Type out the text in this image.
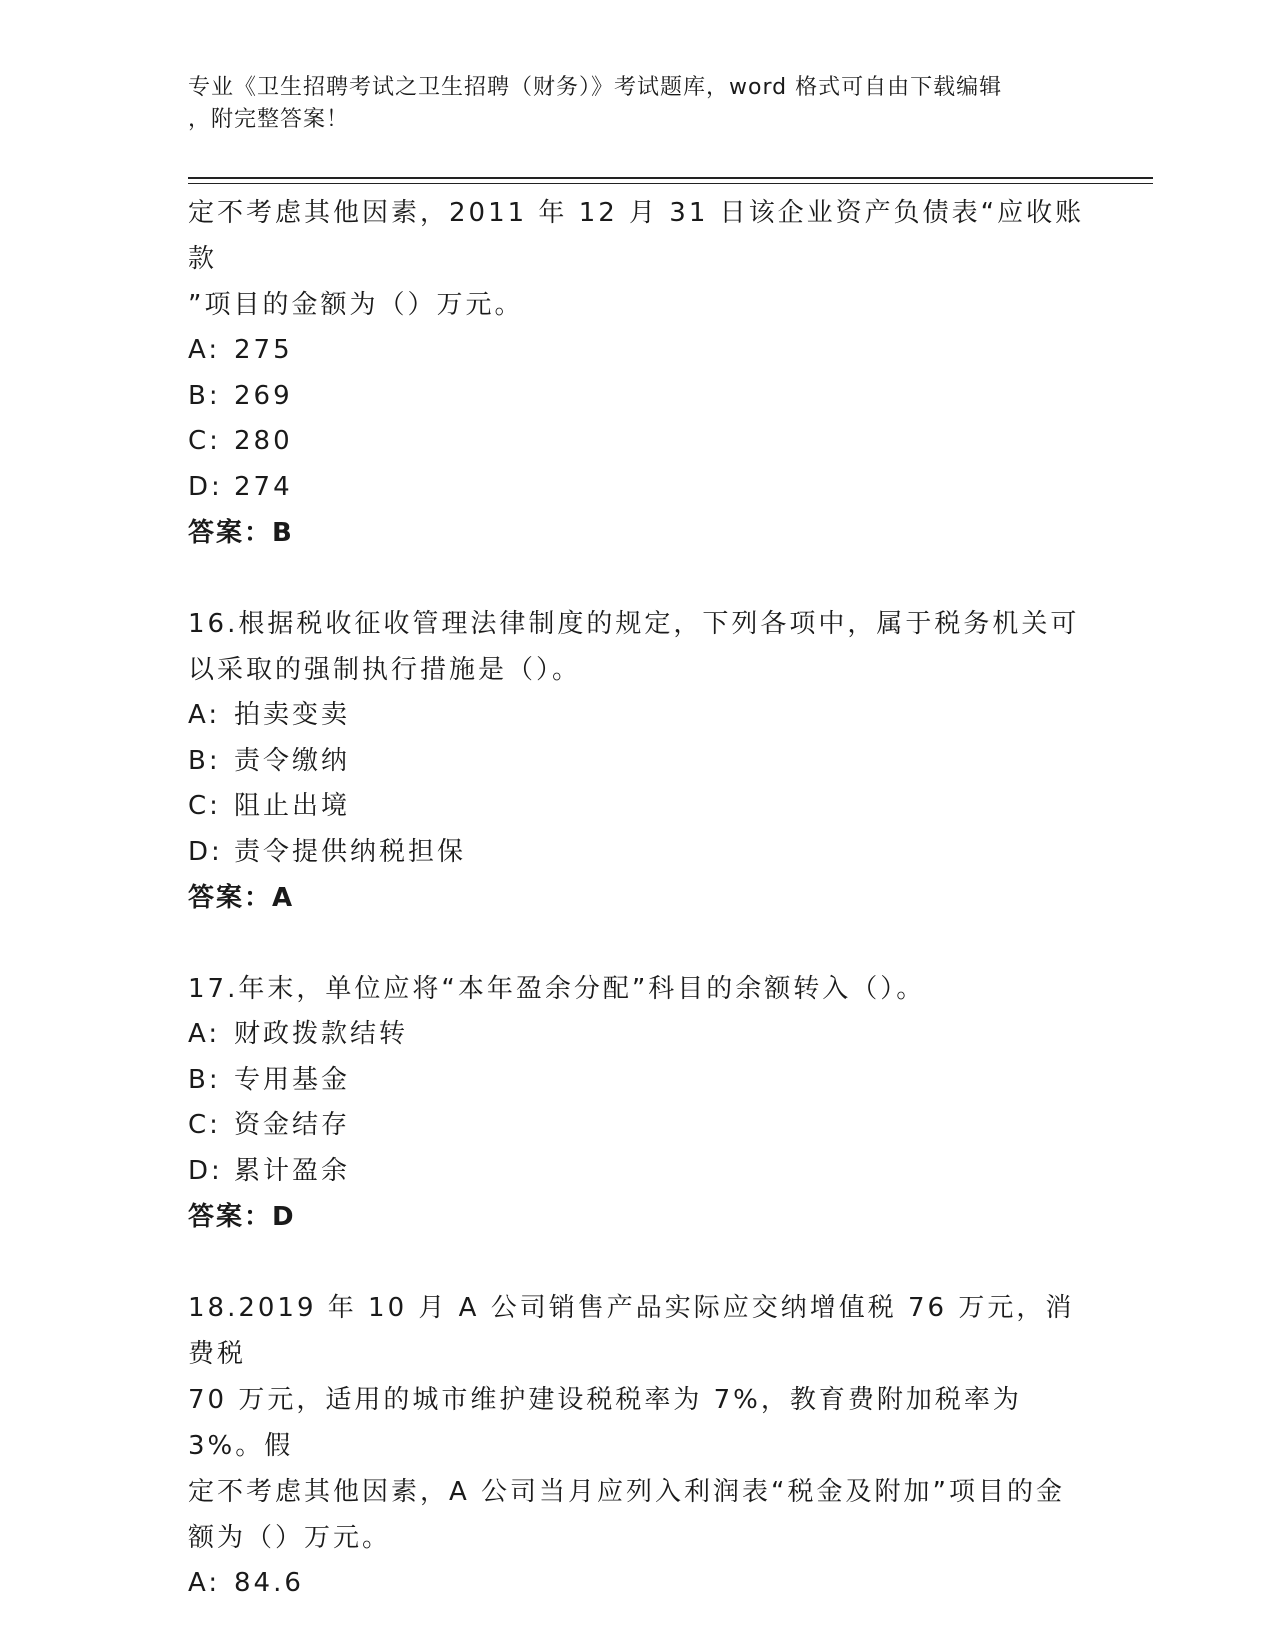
专业《卫生招聘考试之卫生招聘（财务）》考试题库，word 格式可自由下载编辑
，附完整答案！

定不考虑其他因素，2011 年 12 月 31 日该企业资产负债表“应收账款

”项目的金额为（）万元。

A: 275

B: 269

C: 280

D: 274

答案：B

16.根据税收征收管理法律制度的规定，下列各项中，属于税务机关可

以采取的强制执行措施是（）。

A: 拍卖变卖

B: 责令缴纳

C: 阻止出境

D: 责令提供纳税担保

答案：A

17.年末，单位应将“本年盈余分配”科目的余额转入（）。

A: 财政拨款结转

B: 专用基金

C: 资金结存

D: 累计盈余

答案：D

18.2019 年 10 月 A 公司销售产品实际应交纳增值税 76 万元，消费税

70 万元，适用的城市维护建设税税率为 7%，教育费附加税率为 3%。假

定不考虑其他因素，A 公司当月应列入利润表“税金及附加”项目的金

额为（）万元。

A: 84.6
